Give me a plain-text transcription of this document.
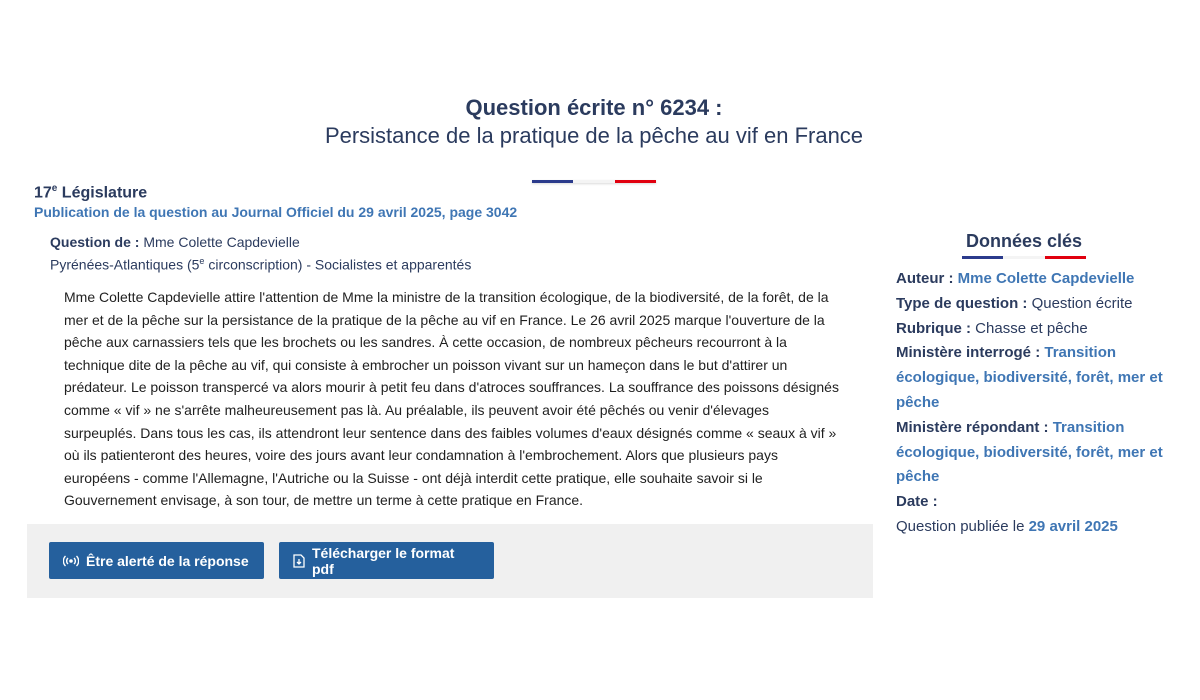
Question écrite n° 6234 :
Persistance de la pratique de la pêche au vif en France
17e Législature
Publication de la question au Journal Officiel du 29 avril 2025, page 3042
Question de : Mme Colette Capdevielle
Pyrénées-Atlantiques (5e circonscription) - Socialistes et apparentés
Mme Colette Capdevielle attire l'attention de Mme la ministre de la transition écologique, de la biodiversité, de la forêt, de la mer et de la pêche sur la persistance de la pratique de la pêche au vif en France. Le 26 avril 2025 marque l'ouverture de la pêche aux carnassiers tels que les brochets ou les sandres. À cette occasion, de nombreux pêcheurs recourront à la technique dite de la pêche au vif, qui consiste à embrocher un poisson vivant sur un hameçon dans le but d'attirer un prédateur. Le poisson transpercé va alors mourir à petit feu dans d'atroces souffrances. La souffrance des poissons désignés comme « vif » ne s'arrête malheureusement pas là. Au préalable, ils peuvent avoir été pêchés ou venir d'élevages surpeuplés. Dans tous les cas, ils attendront leur sentence dans des faibles volumes d'eaux désignés comme « seaux à vif » où ils patienteront des heures, voire des jours avant leur condamnation à l'embrochement. Alors que plusieurs pays européens - comme l'Allemagne, l'Autriche ou la Suisse - ont déjà interdit cette pratique, elle souhaite savoir si le Gouvernement envisage, à son tour, de mettre un terme à cette pratique en France.
Être alerté de la réponse	Télécharger le format pdf
Données clés
Auteur : Mme Colette Capdevielle
Type de question : Question écrite
Rubrique : Chasse et pêche
Ministère interrogé : Transition écologique, biodiversité, forêt, mer et pêche
Ministère répondant : Transition écologique, biodiversité, forêt, mer et pêche
Date :
Question publiée le 29 avril 2025
